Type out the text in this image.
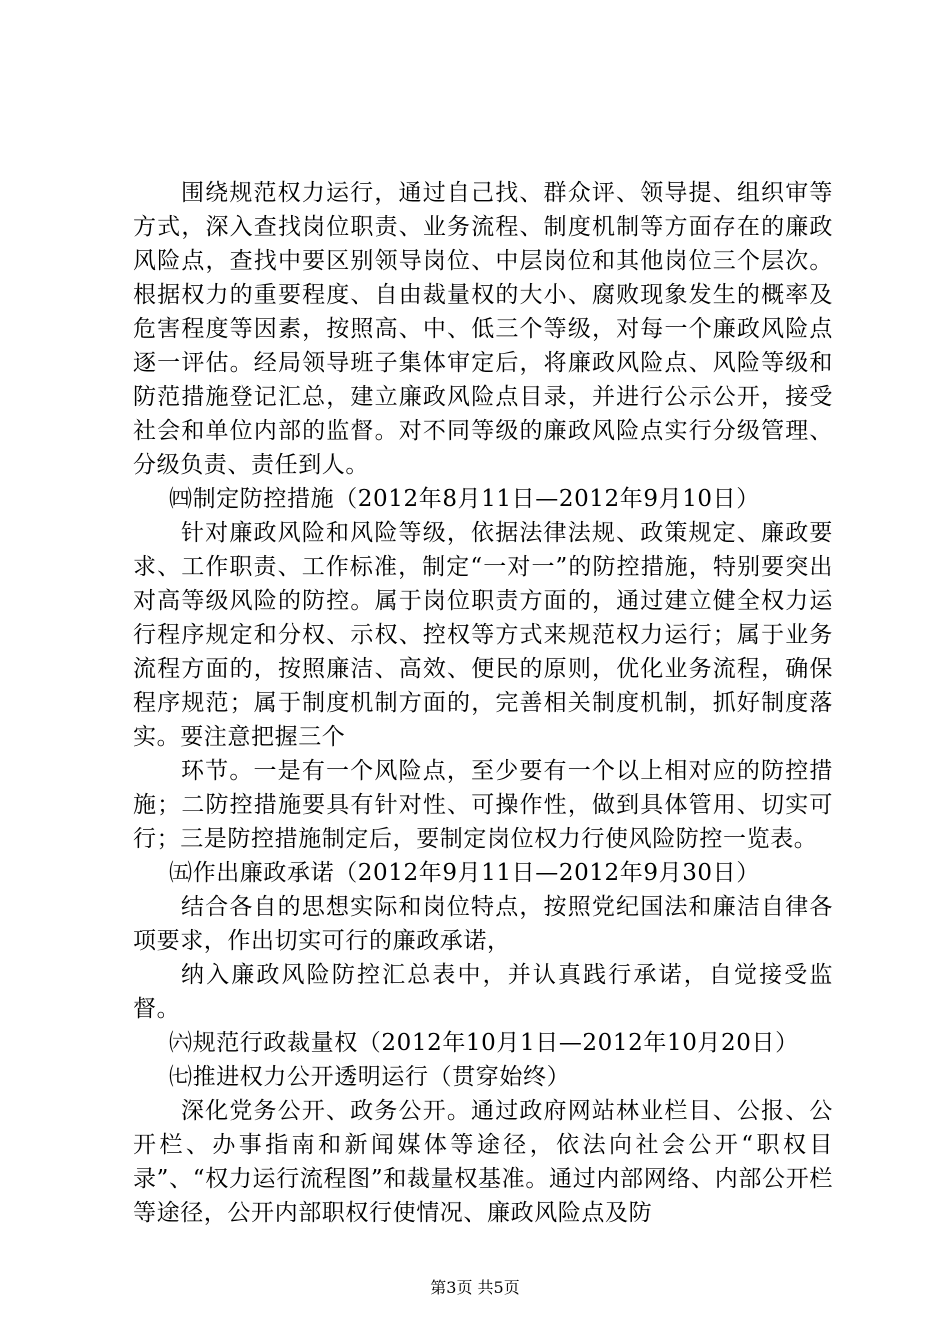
围绕规范权力运行，通过自己找、群众评、领导提、组织审等方式，深入查找岗位职责、业务流程、制度机制等方面存在的廉政风险点，查找中要区别领导岗位、中层岗位和其他岗位三个层次。根据权力的重要程度、自由裁量权的大小、腐败现象发生的概率及危害程度等因素，按照高、中、低三个等级，对每一个廉政风险点逐一评估。经局领导班子集体审定后，将廉政风险点、风险等级和防范措施登记汇总，建立廉政风险点目录，并进行公示公开，接受社会和单位内部的监督。对不同等级的廉政风险点实行分级管理、分级负责、责任到人。

㈣制定防控措施（2012年8月11日—2012年9月10日）

针对廉政风险和风险等级，依据法律法规、政策规定、廉政要求、工作职责、工作标准，制定“一对一”的防控措施，特别要突出对高等级风险的防控。属于岗位职责方面的，通过建立健全权力运行程序规定和分权、示权、控权等方式来规范权力运行；属于业务流程方面的，按照廉洁、高效、便民的原则，优化业务流程，确保程序规范；属于制度机制方面的，完善相关制度机制，抓好制度落实。要注意把握三个

环节。一是有一个风险点，至少要有一个以上相对应的防控措施；二防控措施要具有针对性、可操作性，做到具体管用、切实可行；三是防控措施制定后，要制定岗位权力行使风险防控一览表。

㈤作出廉政承诺（2012年9月11日—2012年9月30日）

结合各自的思想实际和岗位特点，按照党纪国法和廉洁自律各项要求，作出切实可行的廉政承诺，

纳入廉政风险防控汇总表中，并认真践行承诺，自觉接受监督。

㈥规范行政裁量权（2012年10月1日—2012年10月20日）

㈦推进权力公开透明运行（贯穿始终）

深化党务公开、政务公开。通过政府网站林业栏目、公报、公开栏、办事指南和新闻媒体等途径，依法向社会公开“职权目录”、“权力运行流程图”和裁量权基准。通过内部网络、内部公开栏等途径，公开内部职权行使情况、廉政风险点及防

第3页 共5页
